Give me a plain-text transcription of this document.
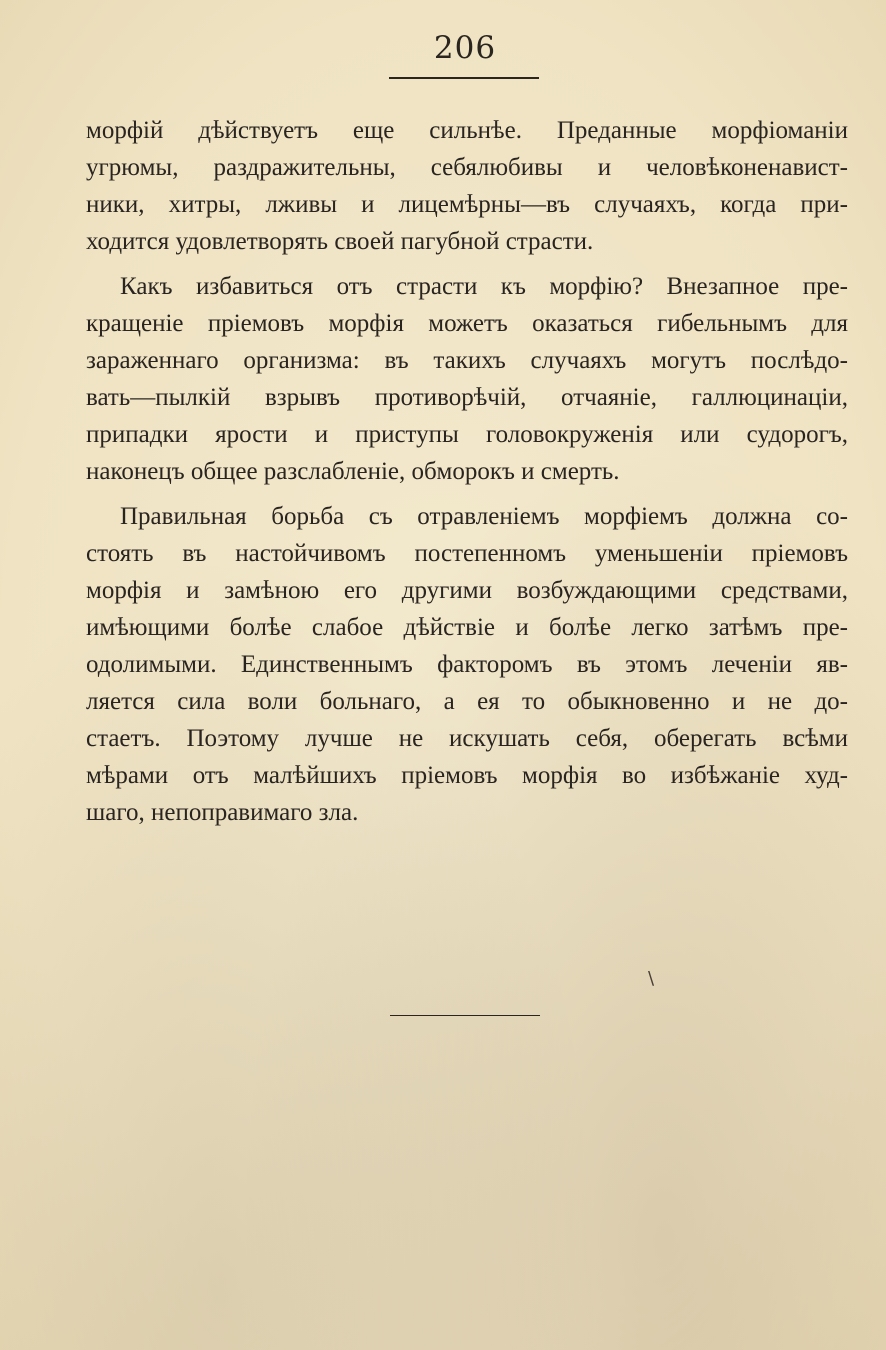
206
морфій дѣйствуетъ еще сильнѣе. Преданные морфіоманіи
угрюмы, раздражительны, себялюбивы и человѣконенавист-
ники, хитры, лживы и лицемѣрны—въ случаяхъ, когда при-
ходится удовлетворять своей пагубной страсти.
Какъ избавиться отъ страсти къ морфію? Внезапное пре-
кращеніе пріемовъ морфія можетъ оказаться гибельнымъ для
зараженнаго организма: въ такихъ случаяхъ могутъ послѣдо-
вать—пылкій взрывъ противорѣчій, отчаяніе, галлюцинаціи,
припадки ярости и приступы головокруженія или судорогъ,
наконецъ общее разслабленіе, обморокъ и смерть.
Правильная борьба съ отравленіемъ морфіемъ должна со-
стоять въ настойчивомъ постепенномъ уменьшеніи пріемовъ
морфія и замѣною его другими возбуждающими средствами,
имѣющими болѣе слабое дѣйствіе и болѣе легко затѣмъ пре-
одолимыми. Единственнымъ факторомъ въ этомъ леченіи яв-
ляется сила воли больнаго, а ея то обыкновенно и не до-
стаетъ. Поэтому лучше не искушать себя, оберегать всѣми
мѣрами отъ малѣйшихъ пріемовъ морфія во избѣжаніе худ-
шаго, непоправимаго зла.
\
